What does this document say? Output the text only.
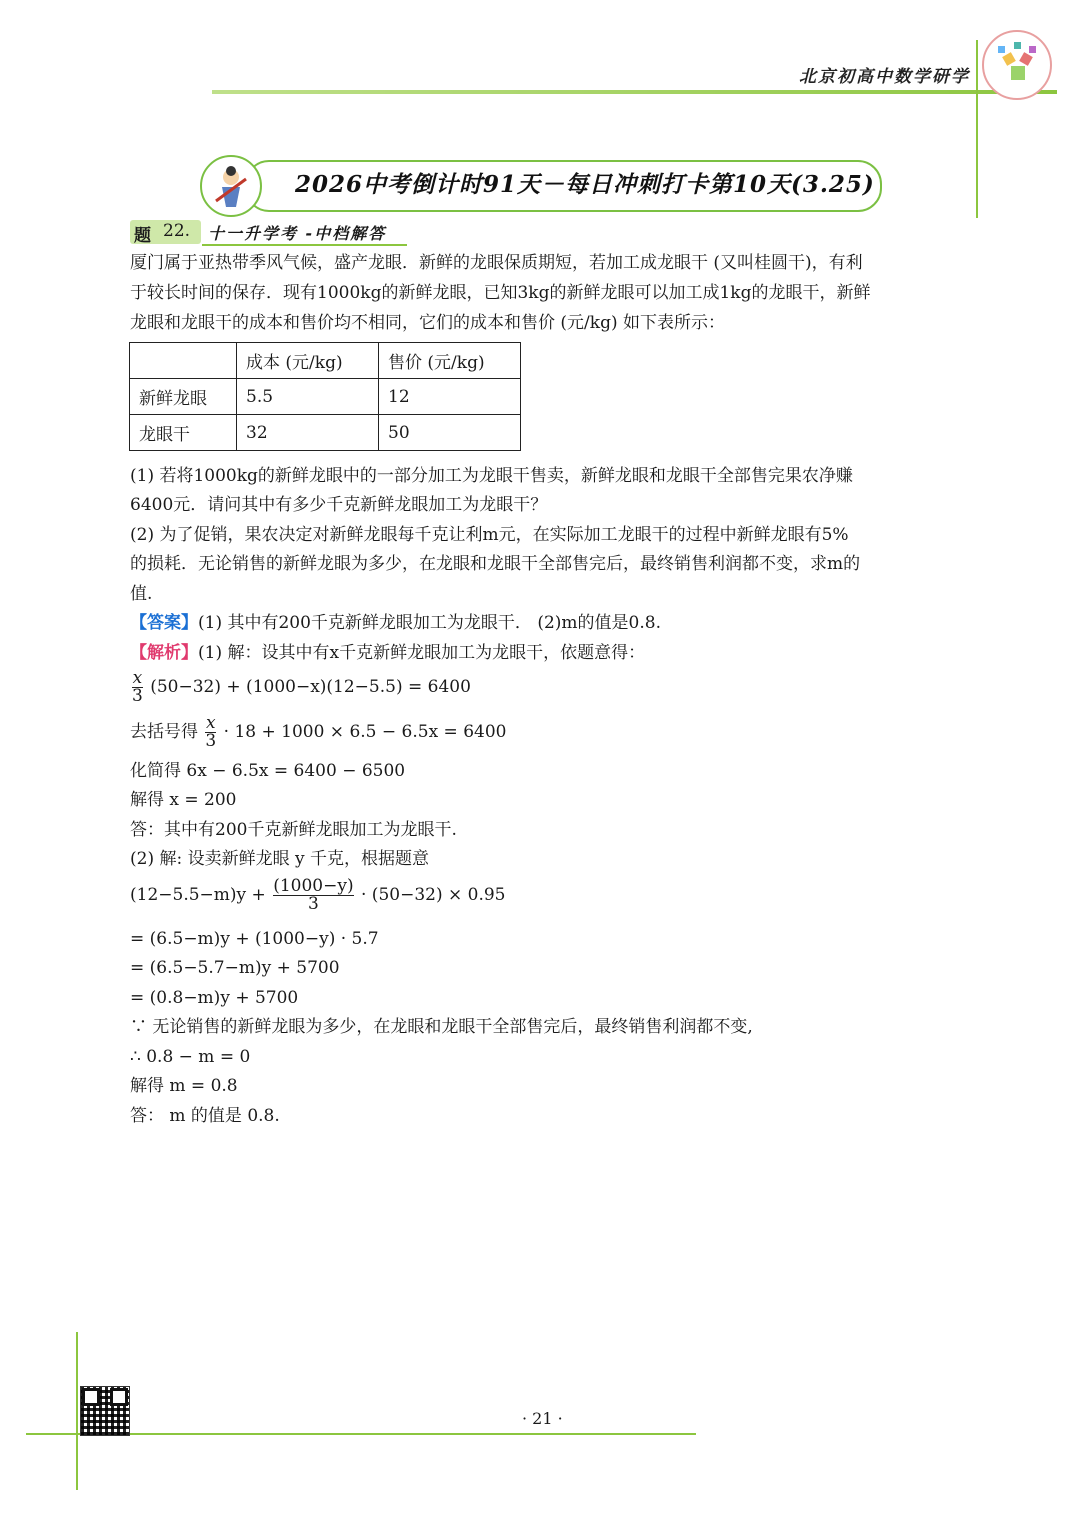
北京初高中数学研学
2026中考倒计时91天－每日冲刺打卡第10天(3.25)
题 22. 十一升学考 -中档解答
厦门属于亚热带季风气候，盛产龙眼．新鲜的龙眼保质期短，若加工成龙眼干 (又叫桂圆干)，有利
于较长时间的保存．现有1000kg的新鲜龙眼，已知3kg的新鲜龙眼可以加工成1kg的龙眼干，新鲜
龙眼和龙眼干的成本和售价均不相同，它们的成本和售价 (元/kg) 如下表所示：
	成本 (元/kg)	售价 (元/kg)
新鲜龙眼	5.5	12
龙眼干	32	50
(1) 若将1000kg的新鲜龙眼中的一部分加工为龙眼干售卖，新鲜龙眼和龙眼干全部售完果农净赚
6400元．请问其中有多少千克新鲜龙眼加工为龙眼干？
(2) 为了促销，果农决定对新鲜龙眼每千克让利m元，在实际加工龙眼干的过程中新鲜龙眼有5%
的损耗．无论销售的新鲜龙眼为多少，在龙眼和龙眼干全部售完后，最终销售利润都不变，求m的
值.
【答案】(1) 其中有200千克新鲜龙眼加工为龙眼干． (2)m的值是0.8.
【解析】(1) 解：设其中有x千克新鲜龙眼加工为龙眼干，依题意得：
$\frac{x}{3} (50-32) + (1000-x)(12-5.5) = 6400$
去括号得 $\frac{x}{3} \cdot 18 + 1000 \times 6.5 - 6.5x = 6400$
化简得 6x − 6.5x = 6400 − 6500
解得 x = 200
答：其中有200千克新鲜龙眼加工为龙眼干.
(2) 解: 设卖新鲜龙眼 y 千克，根据题意
$(12-5.5-m)y + \frac{(1000-y)}{3} \cdot (50-32) \times 0.95$
= (6.5−m)y + (1000−y) · 5.7
= (6.5−5.7−m)y + 5700
= (0.8−m)y + 5700
∵ 无论销售的新鲜龙眼为多少，在龙眼和龙眼干全部售完后，最终销售利润都不变,
∴ 0.8 − m = 0
解得 m = 0.8
答： m 的值是 0.8.
· 21 ·
